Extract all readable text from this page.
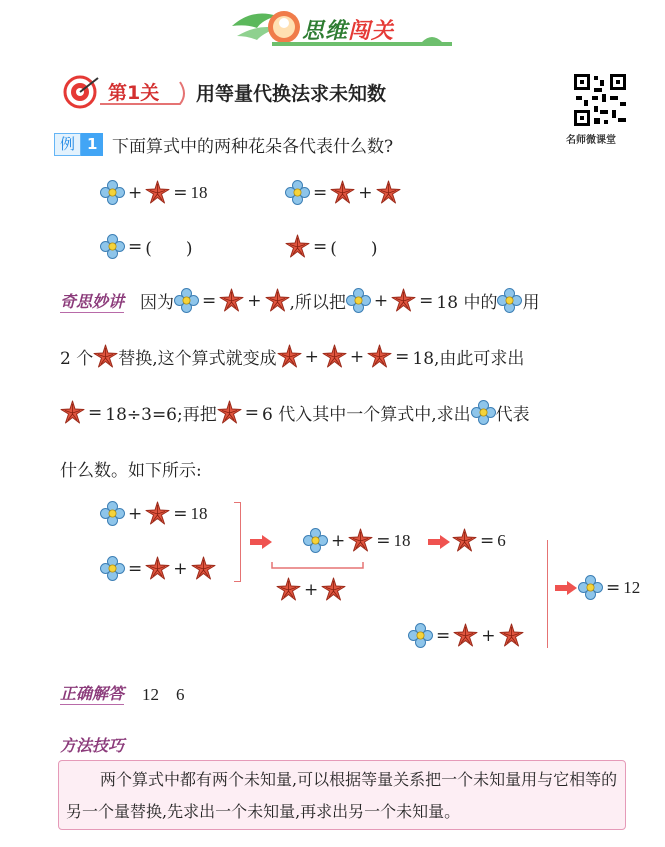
思维闯关
第1关 用等量代换法求未知数
名师微课堂
例 1 下面算式中的两种花朵各代表什么数?
+ = 18	= +
= (　　)	= (　　)
奇思妙讲 因为 = + ,所以把 + = 18 中的 用
2 个 替换,这个算式就变成 + + = 18,由此可求出
= 18÷3=6;再把 = 6 代入其中一个算式中,求出 代表
什么数。如下所示:
+ = 18
= +
+ = 18	= 6
+	= 12
= +
正确解答 12　6
方法技巧
两个算式中都有两个未知量,可以根据等量关系把一个未知量用与它相等的另一个量替换,先求出一个未知量,再求出另一个未知量。
